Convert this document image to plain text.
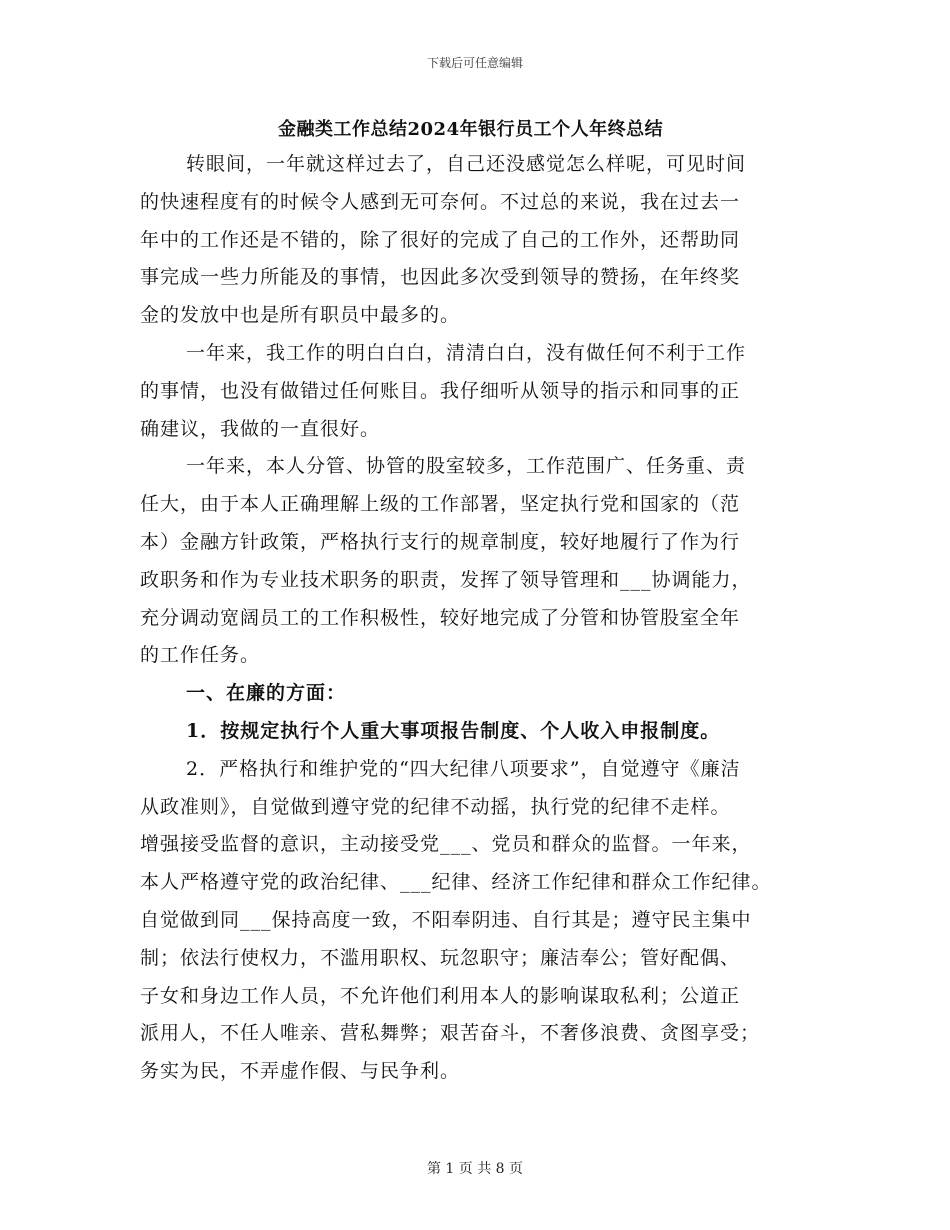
下载后可任意编辑
金融类工作总结2024年银行员工个人年终总结
转眼间，一年就这样过去了，自己还没感觉怎么样呢，可见时间
的快速程度有的时候令人感到无可奈何。不过总的来说，我在过去一
年中的工作还是不错的，除了很好的完成了自己的工作外，还帮助同
事完成一些力所能及的事情，也因此多次受到领导的赞扬，在年终奖
金的发放中也是所有职员中最多的。
一年来，我工作的明白白白，清清白白，没有做任何不利于工作
的事情，也没有做错过任何账目。我仔细听从领导的指示和同事的正
确建议，我做的一直很好。
一年来，本人分管、协管的股室较多，工作范围广、任务重、责
任大，由于本人正确理解上级的工作部署，坚定执行党和国家的（范
本）金融方针政策，严格执行支行的规章制度，较好地履行了作为行
政职务和作为专业技术职务的职责，发挥了领导管理和___协调能力，
充分调动宽阔员工的工作积极性，较好地完成了分管和协管股室全年
的工作任务。
一、在廉的方面：
1．按规定执行个人重大事项报告制度、个人收入申报制度。
2．严格执行和维护党的“四大纪律八项要求”，自觉遵守《廉洁
从政准则》，自觉做到遵守党的纪律不动摇，执行党的纪律不走样。
增强接受监督的意识，主动接受党___、党员和群众的监督。一年来，
本人严格遵守党的政治纪律、___纪律、经济工作纪律和群众工作纪律。
自觉做到同___保持高度一致，不阳奉阴违、自行其是；遵守民主集中
制；依法行使权力，不滥用职权、玩忽职守；廉洁奉公；管好配偶、
子女和身边工作人员，不允许他们利用本人的影响谋取私利；公道正
派用人，不任人唯亲、营私舞弊；艰苦奋斗，不奢侈浪费、贪图享受；
务实为民，不弄虚作假、与民争利。
第 1 页 共 8 页
